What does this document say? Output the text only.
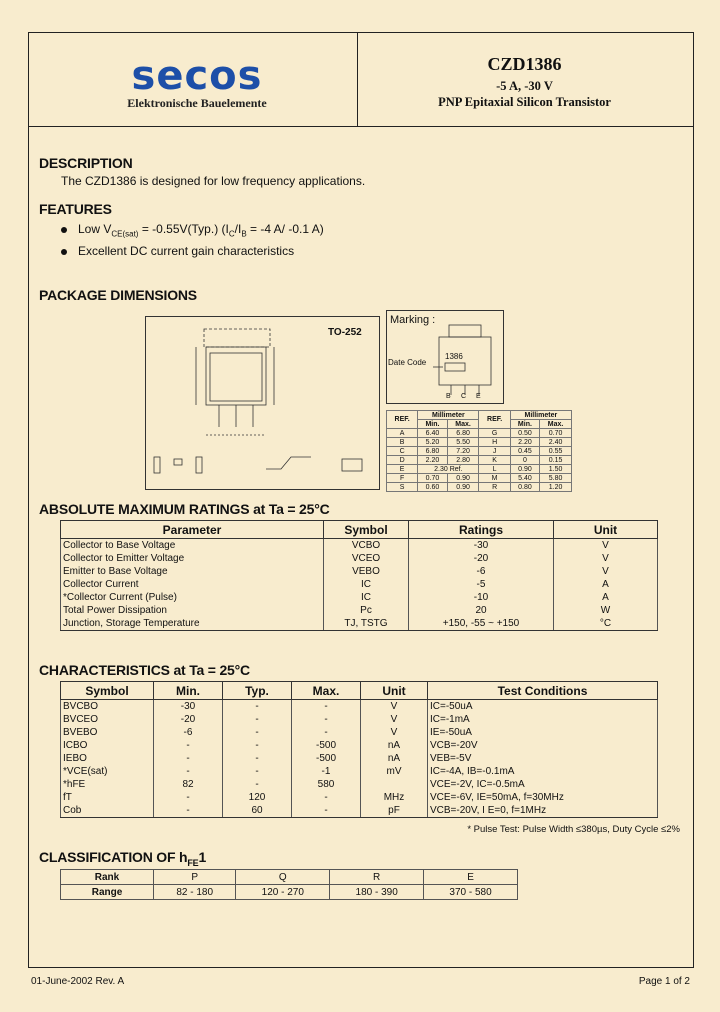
secos
Elektronische Bauelemente
CZD1386
-5 A, -30 V
PNP Epitaxial Silicon Transistor
DESCRIPTION
The CZD1386 is designed for low frequency applications.
FEATURES
Low $V_{CE(sat)} = -0.55V(Typ.) (I_C/I_B = -4$ A/ -0.1 A)
Excellent DC current gain characteristics
PACKAGE DIMENSIONS
TO-252
Marking :
Date Code
1386
B C E
REF.	Millimeter		REF.	Millimeter	
	Min.	Max.		Min.	Max.
A	6.40	6.80	G	0.50	0.70
B	5.20	5.50	H	2.20	2.40
C	6.80	7.20	J	0.45	0.55
D	2.20	2.80	K	0	0.15
E	2.30 Ref.		L	0.90	1.50
F	0.70	0.90	M	5.40	5.80
S	0.60	0.90	R	0.80	1.20
ABSOLUTE MAXIMUM RATINGS at Ta = 25°C
Parameter	Symbol	Ratings	Unit
Collector to Base Voltage	VCBO	-30	V
Collector to Emitter Voltage	VCEO	-20	V
Emitter to Base Voltage	VEBO	-6	V
Collector Current	IC	-5	A
*Collector Current (Pulse)	IC	-10	A
Total Power Dissipation	Pc	20	W
Junction, Storage Temperature	TJ, TSTG	+150, -55 ~ +150	°C
CHARACTERISTICS at Ta = 25°C
Symbol	Min.	Typ.	Max.	Unit	Test Conditions
BVCBO	-30	-	-	V	IC=-50uA
BVCEO	-20	-	-	V	IC=-1mA
BVEBO	-6	-	-	V	IE=-50uA
ICBO	-	-	-500	nA	VCB=-20V
IEBO	-	-	-500	nA	VEB=-5V
*VCE(sat)	-	-	-1	mV	IC=-4A, IB=-0.1mA
*hFE	82	-	580		VCE=-2V, IC=-0.5mA
fT	-	120	-	MHz	VCE=-6V, IE=50mA, f=30MHz
Cob	-	60	-	pF	VCB=-20V, I E=0, f=1MHz
* Pulse Test: Pulse Width ≤380µs, Duty Cycle ≤2%
CLASSIFICATION OF $h_{FE}1$
Rank	P	Q	R	E
Range	82 - 180	120 - 270	180 - 390	370 - 580
01-June-2002 Rev. A	Page 1 of 2
